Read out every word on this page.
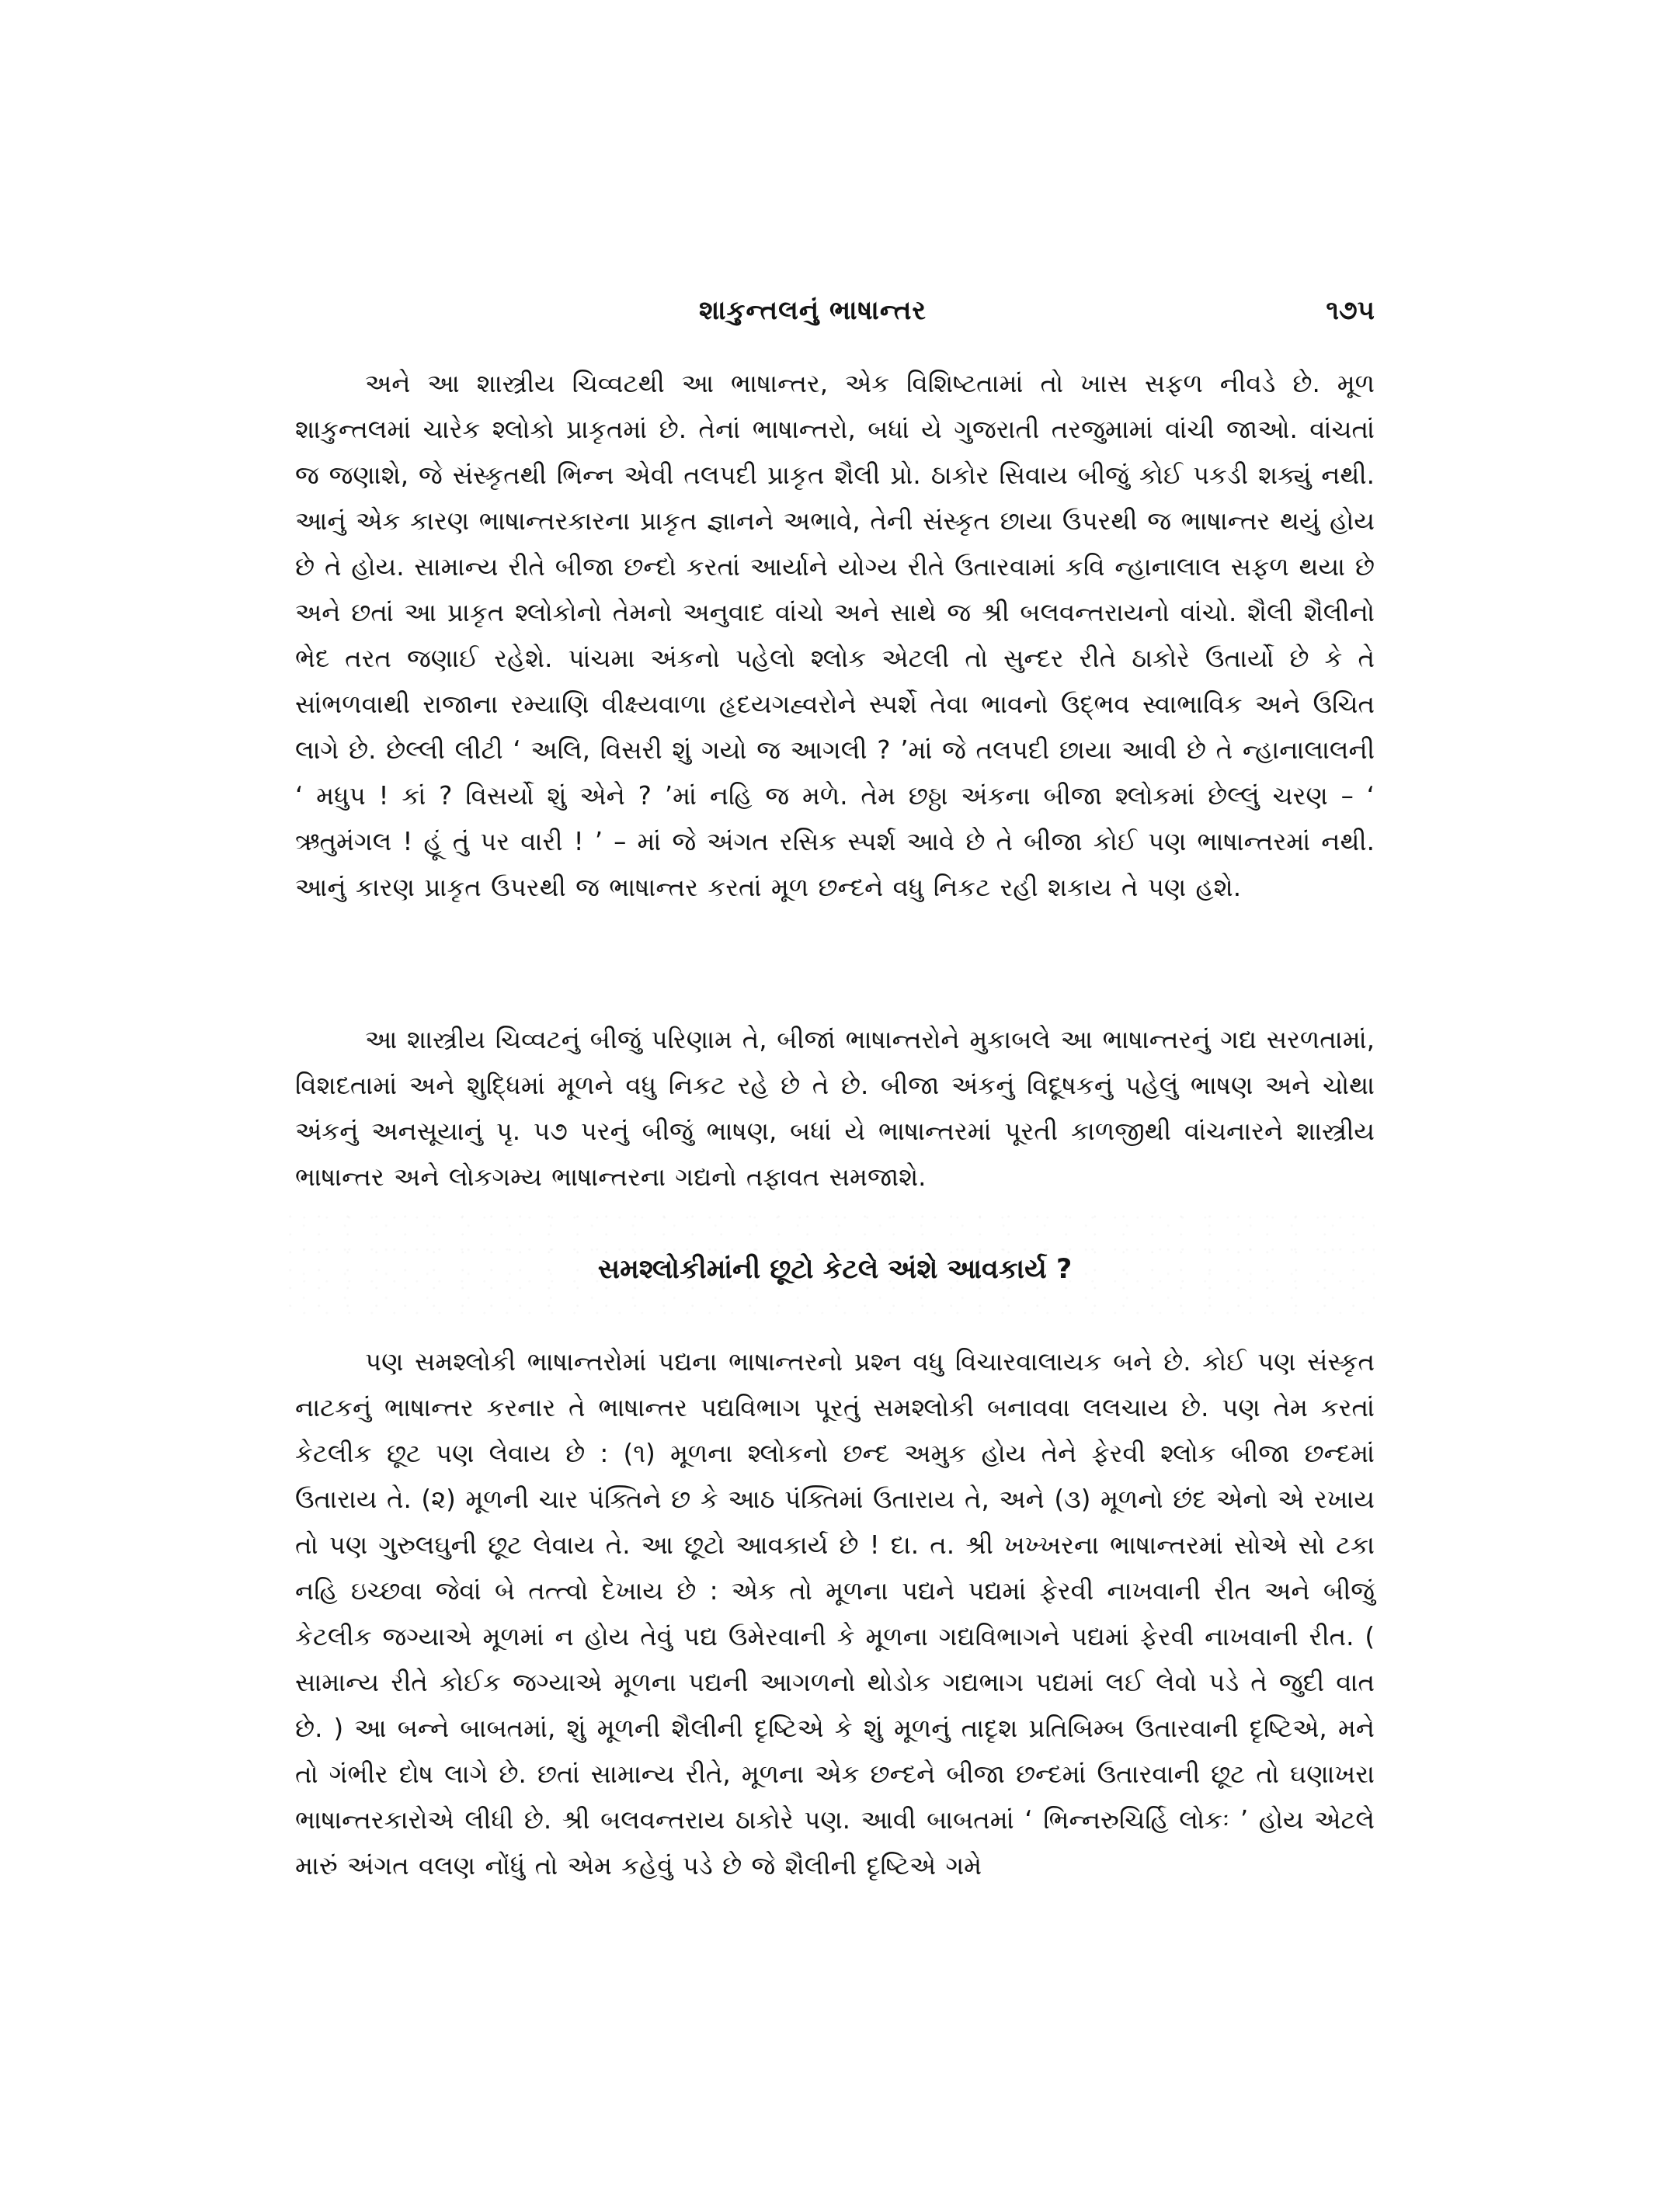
શાકુન્તલનું ભાષાન્તર	૧૭૫

અને આ શાસ્ત્રીય ચિવ્વટથી આ ભાષાન્તર, એક વિશિષ્ટતામાં તો ખાસ સફળ નીવડે છે. મૂળ શાકુન્તલમાં ચારેક શ્લોકો પ્રાકૃતમાં છે. તેનાં ભાષાન્તરો, બધાં યે ગુજરાતી તરજુમામાં વાંચી જાઓ. વાંચતાં જ જણાશે, જે સંસ્કૃતથી ભિન્ન એવી તલપદી પ્રાકૃત શૈલી પ્રો. ઠાકોર સિવાય બીજું કોઈ પકડી શક્યું નથી. આનું એક કારણ ભાષાન્તરકારના પ્રાકૃત જ્ઞાનને અભાવે, તેની સંસ્કૃત છાયા ઉપરથી જ ભાષાન્તર થયું હોય છે તે હોય. સામાન્ય રીતે બીજા છન્દો કરતાં આર્યાને યોગ્ય રીતે ઉતારવામાં કવિ ન્હાનાલાલ સફળ થયા છે અને છતાં આ પ્રાકૃત શ્લોકોનો તેમનો અનુવાદ વાંચો અને સાથે જ શ્રી બલવન્તરાયનો વાંચો. શૈલી શૈલીનો ભેદ તરત જણાઈ રહેશે. પાંચમા અંકનો પહેલો શ્લોક એટલી તો સુન્દર રીતે ઠાકોરે ઉતાર્યો છે કે તે સાંભળવાથી રાજાના રમ્યાણિ વીક્ષ્યવાળા હૃદયગહ્વરોને સ્પર્શે તેવા ભાવનો ઉદ્ભવ સ્વાભાવિક અને ઉચિત લાગે છે. છેલ્લી લીટી ‘ અલિ, વિસરી શું ગયો જ આગલી ? ’માં જે તલપદી છાયા આવી છે તે ન્હાનાલાલની ‘ મધુપ ! કાં ? વિસર્યો શું એને ? ’માં નહિ જ મળે. તેમ છઠ્ઠા અંકના બીજા શ્લોકમાં છેલ્લું ચરણ – ‘ ઋતુમંગલ ! હૂં તું પર વારી ! ’ – માં જે અંગત રસિક સ્પર્શ આવે છે તે બીજા કોઈ પણ ભાષાન્તરમાં નથી. આનું કારણ પ્રાકૃત ઉપરથી જ ભાષાન્તર કરતાં મૂળ છન્દને વધુ નિકટ રહી શકાય તે પણ હશે.

આ શાસ્ત્રીય ચિવ્વટનું બીજું પરિણામ તે, બીજાં ભાષાન્તરોને મુકાબલે આ ભાષાન્તરનું ગદ્ય સરળતામાં, વિશદતામાં અને શુદ્ધિમાં મૂળને વધુ નિકટ રહે છે તે છે. બીજા અંકનું વિદૂષકનું પહેલું ભાષણ અને ચોથા અંકનું અનસૂયાનું પૃ. ૫૭ પરનું બીજું ભાષણ, બધાં યે ભાષાન્તરમાં પૂરતી કાળજીથી વાંચનારને શાસ્ત્રીય ભાષાન્તર અને લોકગમ્ય ભાષાન્તરના ગદ્યનો તફાવત સમજાશે.

સમશ્લોકીમાંની છૂટો કેટલે અંશે આવકાર્ય ?

પણ સમશ્લોકી ભાષાન્તરોમાં પદ્યના ભાષાન્તરનો પ્રશ્ન વધુ વિચારવાલાયક બને છે. કોઈ પણ સંસ્કૃત નાટકનું ભાષાન્તર કરનાર તે ભાષાન્તર પદ્યવિભાગ પૂરતું સમશ્લોકી બનાવવા લલચાય છે. પણ તેમ કરતાં કેટલીક છૂટ પણ લેવાય છે : (૧) મૂળના શ્લોકનો છન્દ અમુક હોય તેને ફેરવી શ્લોક બીજા છન્દમાં ઉતારાય તે. (૨) મૂળની ચાર પંક્તિને છ કે આઠ પંક્તિમાં ઉતારાય તે, અને (૩) મૂળનો છંદ એનો એ રખાય તો પણ ગુરુલઘુની છૂટ લેવાય તે. આ છૂટો આવકાર્ય છે ! દા. ત. શ્રી ખખ્ખરના ભાષાન્તરમાં સોએ સો ટકા નહિ ઇચ્છવા જેવાં બે તત્ત્વો દેખાય છે : એક તો મૂળના પદ્યને પદ્યમાં ફેરવી નાખવાની રીત અને બીજું કેટલીક જગ્યાએ મૂળમાં ન હોય તેવું પદ્ય ઉમેરવાની કે મૂળના ગદ્યવિભાગને પદ્યમાં ફેરવી નાખવાની રીત. ( સામાન્ય રીતે કોઈક જગ્યાએ મૂળના પદ્યની આગળનો થોડોક ગદ્યભાગ પદ્યમાં લઈ લેવો પડે તે જુદી વાત છે. ) આ બન્ને બાબતમાં, શું મૂળની શૈલીની દૃષ્ટિએ કે શું મૂળનું તાદૃશ પ્રતિબિમ્બ ઉતારવાની દૃષ્ટિએ, મને તો ગંભીર દોષ લાગે છે. છતાં સામાન્ય રીતે, મૂળના એક છન્દને બીજા છન્દમાં ઉતારવાની છૂટ તો ઘણાખરા ભાષાન્તરકારોએ લીધી છે. શ્રી બલવન્તરાય ઠાકોરે પણ. આવી બાબતમાં ‘ ભિન્નરુચિર્હિ લોકઃ ’ હોય એટલે મારું અંગત વલણ નોંધું તો એમ કહેવું પડે છે જે શૈલીની દૃષ્ટિએ ગમે
